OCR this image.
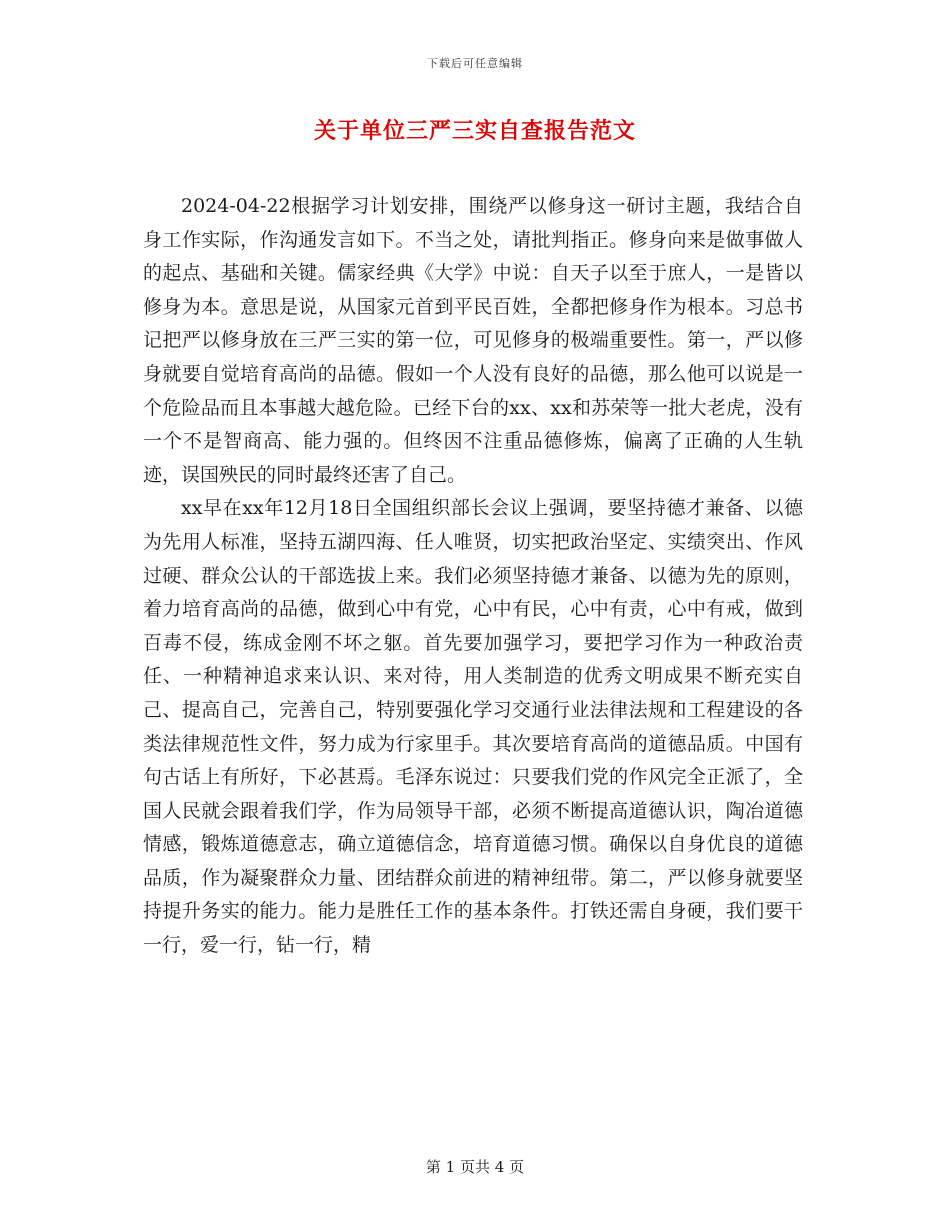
下载后可任意编辑
关于单位三严三实自查报告范文

2024-04-22根据学习计划安排，围绕严以修身这一研讨主题，我结合自身工作实际，作沟通发言如下。不当之处，请批判指正。修身向来是做事做人的起点、基础和关键。儒家经典《大学》中说：自天子以至于庶人，一是皆以修身为本。意思是说，从国家元首到平民百姓，全都把修身作为根本。习总书记把严以修身放在三严三实的第一位，可见修身的极端重要性。第一，严以修身就要自觉培育高尚的品德。假如一个人没有良好的品德，那么他可以说是一个危险品而且本事越大越危险。已经下台的xx、xx和苏荣等一批大老虎，没有一个不是智商高、能力强的。但终因不注重品德修炼，偏离了正确的人生轨迹，误国殃民的同时最终还害了自己。

xx早在xx年12月18日全国组织部长会议上强调，要坚持德才兼备、以德为先用人标准，坚持五湖四海、任人唯贤，切实把政治坚定、实绩突出、作风过硬、群众公认的干部选拔上来。我们必须坚持德才兼备、以德为先的原则，着力培育高尚的品德，做到心中有党，心中有民，心中有责，心中有戒，做到百毒不侵，练成金刚不坏之躯。首先要加强学习，要把学习作为一种政治责任、一种精神追求来认识、来对待，用人类制造的优秀文明成果不断充实自己、提高自己，完善自己，特别要强化学习交通行业法律法规和工程建设的各类法律规范性文件，努力成为行家里手。其次要培育高尚的道德品质。中国有句古话上有所好，下必甚焉。毛泽东说过：只要我们党的作风完全正派了，全国人民就会跟着我们学，作为局领导干部，必须不断提高道德认识，陶冶道德情感，锻炼道德意志，确立道德信念，培育道德习惯。确保以自身优良的道德品质，作为凝聚群众力量、团结群众前进的精神纽带。第二，严以修身就要坚持提升务实的能力。能力是胜任工作的基本条件。打铁还需自身硬，我们要干一行，爱一行，钻一行，精

第 1 页共 4 页
